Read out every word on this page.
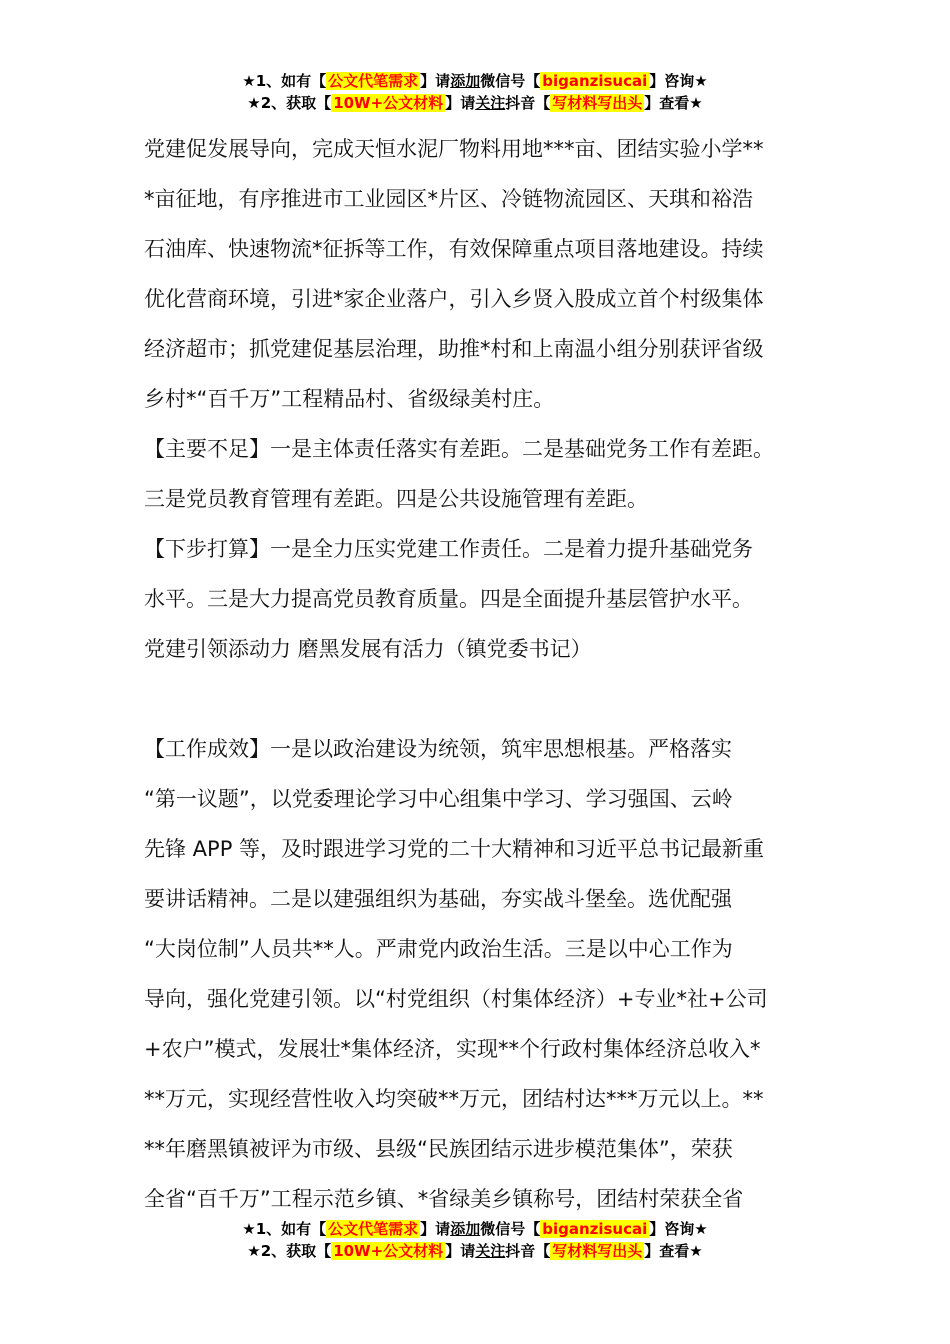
★1、如有【 公文代笔需求 】请添加微信号【 biganzisucai 】咨询★
★2、获取【 10W+公文材料 】请关注抖音【 写材料写出头 】查看★

党建促发展导向，完成天恒水泥厂物料用地***亩、团结实验小学**

*亩征地，有序推进市工业园区*片区、冷链物流园区、天琪和裕浩

石油库、快速物流*征拆等工作，有效保障重点项目落地建设。持续

优化营商环境，引进*家企业落户，引入乡贤入股成立首个村级集体

经济超市；抓党建促基层治理，助推*村和上南温小组分别获评省级

乡村*“百千万”工程精品村、省级绿美村庄。

【主要不足】一是主体责任落实有差距。二是基础党务工作有差距。

三是党员教育管理有差距。四是公共设施管理有差距。

【下步打算】一是全力压实党建工作责任。二是着力提升基础党务

水平。三是大力提高党员教育质量。四是全面提升基层管护水平。

党建引领添动力 磨黑发展有活力（镇党委书记）

【工作成效】一是以政治建设为统领，筑牢思想根基。严格落实

“第一议题”，以党委理论学习中心组集中学习、学习强国、云岭

先锋 APP 等，及时跟进学习党的二十大精神和习近平总书记最新重

要讲话精神。二是以建强组织为基础，夯实战斗堡垒。选优配强

“大岗位制”人员共**人。严肃党内政治生活。三是以中心工作为

导向，强化党建引领。以“村党组织（村集体经济）+专业*社+公司

+农户”模式，发展壮*集体经济，实现**个行政村集体经济总收入*

**万元，实现经营性收入均突破**万元，团结村达***万元以上。**

**年磨黑镇被评为市级、县级“民族团结示进步模范集体”，荣获

全省“百千万”工程示范乡镇、*省绿美乡镇称号，团结村荣获全省

★1、如有【 公文代笔需求 】请添加微信号【 biganzisucai 】咨询★
★2、获取【 10W+公文材料 】请关注抖音【 写材料写出头 】查看★
